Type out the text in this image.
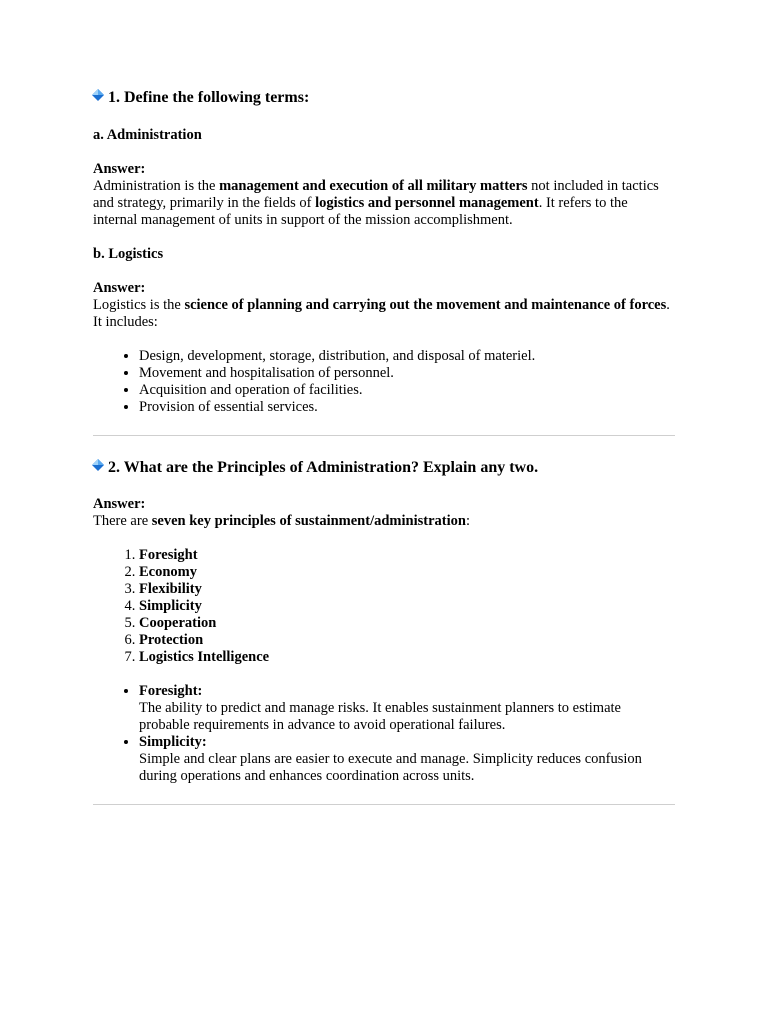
1. Define the following terms:

a. Administration

Answer:

Administration is the management and execution of all military matters not included in tactics and strategy, primarily in the fields of logistics and personnel management. It refers to the internal management of units in support of the mission accomplishment.

b. Logistics

Answer:

Logistics is the science of planning and carrying out the movement and maintenance of forces. It includes:

• Design, development, storage, distribution, and disposal of materiel.
• Movement and hospitalisation of personnel.
• Acquisition and operation of facilities.
• Provision of essential services.
2. What are the Principles of Administration? Explain any two.

Answer:

There are seven key principles of sustainment/administration:

1. Foresight
2. Economy
3. Flexibility
4. Simplicity
5. Cooperation
6. Protection
7. Logistics Intelligence
• Foresight:
The ability to predict and manage risks. It enables sustainment planners to estimate probable requirements in advance to avoid operational failures.
• Simplicity:
Simple and clear plans are easier to execute and manage. Simplicity reduces confusion during operations and enhances coordination across units.
